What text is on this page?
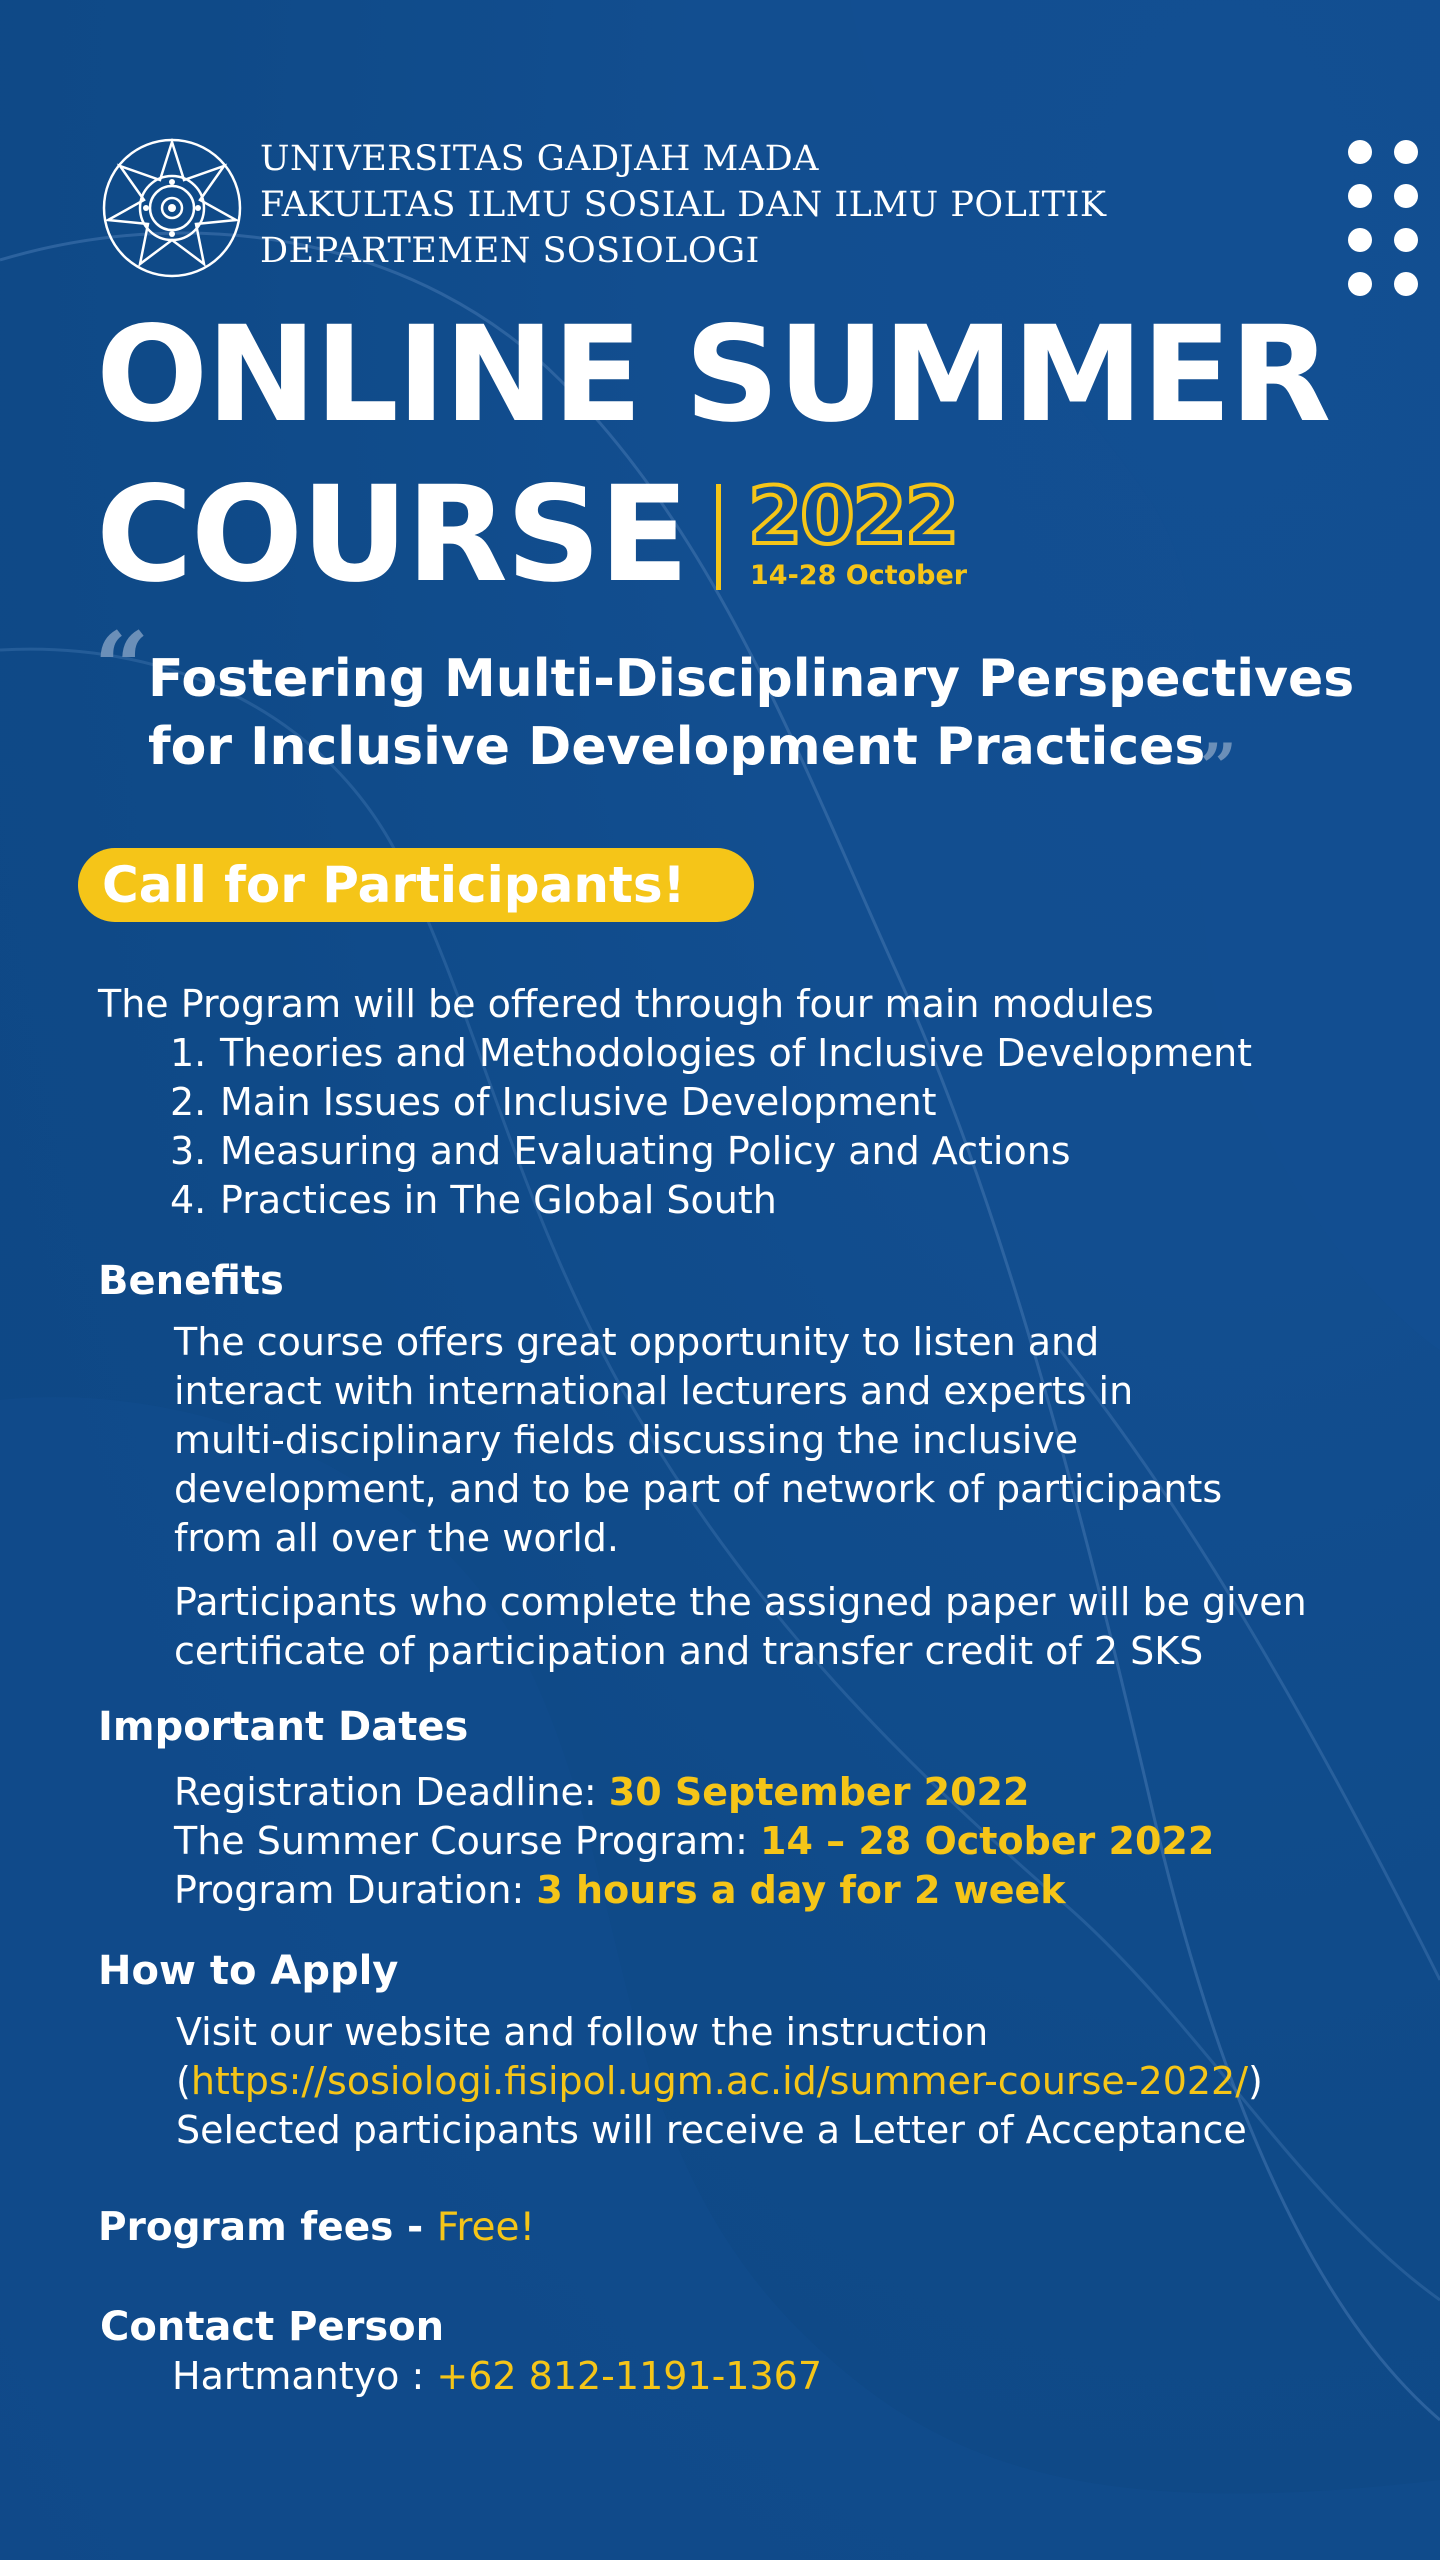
UNIVERSITAS GADJAH MADA
FAKULTAS ILMU SOSIAL DAN ILMU POLITIK
DEPARTEMEN SOSIOLOGI
ONLINE SUMMER
COURSE 2022
14-28 October
“
Fostering Multi-Disciplinary Perspectives
for Inclusive Development Practices
”
Call for Participants!
The Program will be offered through four main modules
1. Theories and Methodologies of Inclusive Development
2. Main Issues of Inclusive Development
3. Measuring and Evaluating Policy and Actions
4. Practices in The Global South
Benefits
The course offers great opportunity to listen and
interact with international lecturers and experts in
multi-disciplinary fields discussing the inclusive
development, and to be part of network of participants
from all over the world.
Participants who complete the assigned paper will be given
certificate of participation and transfer credit of 2 SKS
Important Dates
Registration Deadline: 30 September 2022
The Summer Course Program: 14 – 28 October 2022
Program Duration: 3 hours a day for 2 week
How to Apply
Visit our website and follow the instruction
(https://sosiologi.fisipol.ugm.ac.id/summer-course-2022/)
Selected participants will receive a Letter of Acceptance
Program fees - Free!
Contact Person
Hartmantyo : +62 812-1191-1367
